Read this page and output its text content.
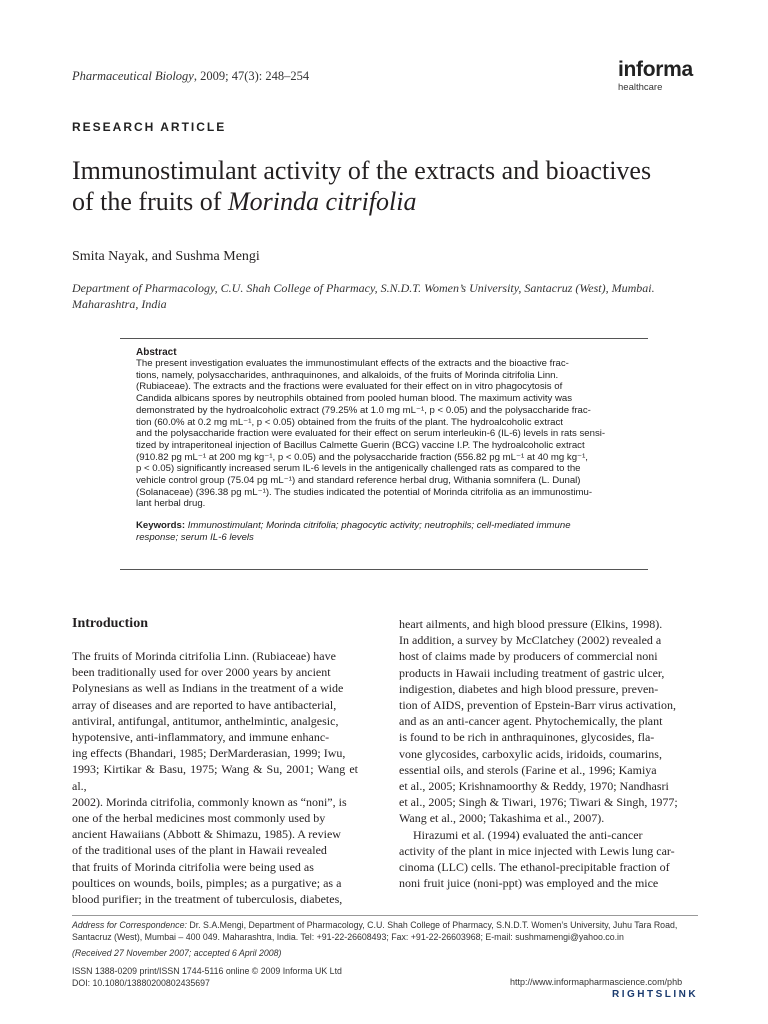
Pharmaceutical Biology, 2009; 47(3): 248–254	informa
healthcare
RESEARCH ARTICLE
Immunostimulant activity of the extracts and bioactives
of the fruits of Morinda citrifolia
Smita Nayak, and Sushma Mengi
Department of Pharmacology, C.U. Shah College of Pharmacy, S.N.D.T. Women’s University, Santacruz (West), Mumbai. Maharashtra, India
Abstract
The present investigation evaluates the immunostimulant effects of the extracts and the bioactive frac-
tions, namely, polysaccharides, anthraquinones, and alkaloids, of the fruits of Morinda citrifolia Linn.
(Rubiaceae). The extracts and the fractions were evaluated for their effect on in vitro phagocytosis of
Candida albicans spores by neutrophils obtained from pooled human blood. The maximum activity was
demonstrated by the hydroalcoholic extract (79.25% at 1.0 mg mL⁻¹, p < 0.05) and the polysaccharide frac-
tion (60.0% at 0.2 mg mL⁻¹, p < 0.05) obtained from the fruits of the plant. The hydroalcoholic extract
and the polysaccharide fraction were evaluated for their effect on serum interleukin-6 (IL-6) levels in rats sensi-
tized by intraperitoneal injection of Bacillus Calmette Guerin (BCG) vaccine I.P. The hydroalcoholic extract
(910.82 pg mL⁻¹ at 200 mg kg⁻¹, p < 0.05) and the polysaccharide fraction (556.82 pg mL⁻¹ at 40 mg kg⁻¹,
p < 0.05) significantly increased serum IL-6 levels in the antigenically challenged rats as compared to the
vehicle control group (75.04 pg mL⁻¹) and standard reference herbal drug, Withania somnifera (L. Dunal)
(Solanaceae) (396.38 pg mL⁻¹). The studies indicated the potential of Morinda citrifolia as an immunostimu-
lant herbal drug.
Keywords: Immunostimulant; Morinda citrifolia; phagocytic activity; neutrophils; cell-mediated immune
response; serum IL-6 levels
Introduction
The fruits of Morinda citrifolia Linn. (Rubiaceae) have
been traditionally used for over 2000 years by ancient
Polynesians as well as Indians in the treatment of a wide
array of diseases and are reported to have antibacterial,
antiviral, antifungal, antitumor, anthelmintic, analgesic,
hypotensive, anti-inflammatory, and immune enhanc-
ing effects (Bhandari, 1985; DerMarderasian, 1999; Iwu,
1993; Kirtikar & Basu, 1975; Wang & Su, 2001; Wang et al.,
2002). Morinda citrifolia, commonly known as “noni”, is
one of the herbal medicines most commonly used by
ancient Hawaiians (Abbott & Shimazu, 1985). A review
of the traditional uses of the plant in Hawaii revealed
that fruits of Morinda citrifolia were being used as
poultices on wounds, boils, pimples; as a purgative; as a
blood purifier; in the treatment of tuberculosis, diabetes,
heart ailments, and high blood pressure (Elkins, 1998).
In addition, a survey by McClatchey (2002) revealed a
host of claims made by producers of commercial noni
products in Hawaii including treatment of gastric ulcer,
indigestion, diabetes and high blood pressure, preven-
tion of AIDS, prevention of Epstein-Barr virus activation,
and as an anti-cancer agent. Phytochemically, the plant
is found to be rich in anthraquinones, glycosides, fla-
vone glycosides, carboxylic acids, iridoids, coumarins,
essential oils, and sterols (Farine et al., 1996; Kamiya
et al., 2005; Krishnamoorthy & Reddy, 1970; Nandhasri
et al., 2005; Singh & Tiwari, 1976; Tiwari & Singh, 1977;
Wang et al., 2000; Takashima et al., 2007).
Hirazumi et al. (1994) evaluated the anti-cancer
activity of the plant in mice injected with Lewis lung car-
cinoma (LLC) cells. The ethanol-precipitable fraction of
noni fruit juice (noni-ppt) was employed and the mice
Address for Correspondence: Dr. S.A.Mengi, Department of Pharmacology, C.U. Shah College of Pharmacy, S.N.D.T. Women’s University, Juhu Tara Road,
Santacruz (West), Mumbai – 400 049. Maharashtra, India. Tel: +91-22-26608493; Fax: +91-22-26603968; E-mail: sushmamengi@yahoo.co.in
(Received 27 November 2007; accepted 6 April 2008)
ISSN 1388-0209 print/ISSN 1744-5116 online © 2009 Informa UK Ltd
DOI: 10.1080/13880200802435697	http://www.informapharmascience.com/phb
RIGHTSLINK
